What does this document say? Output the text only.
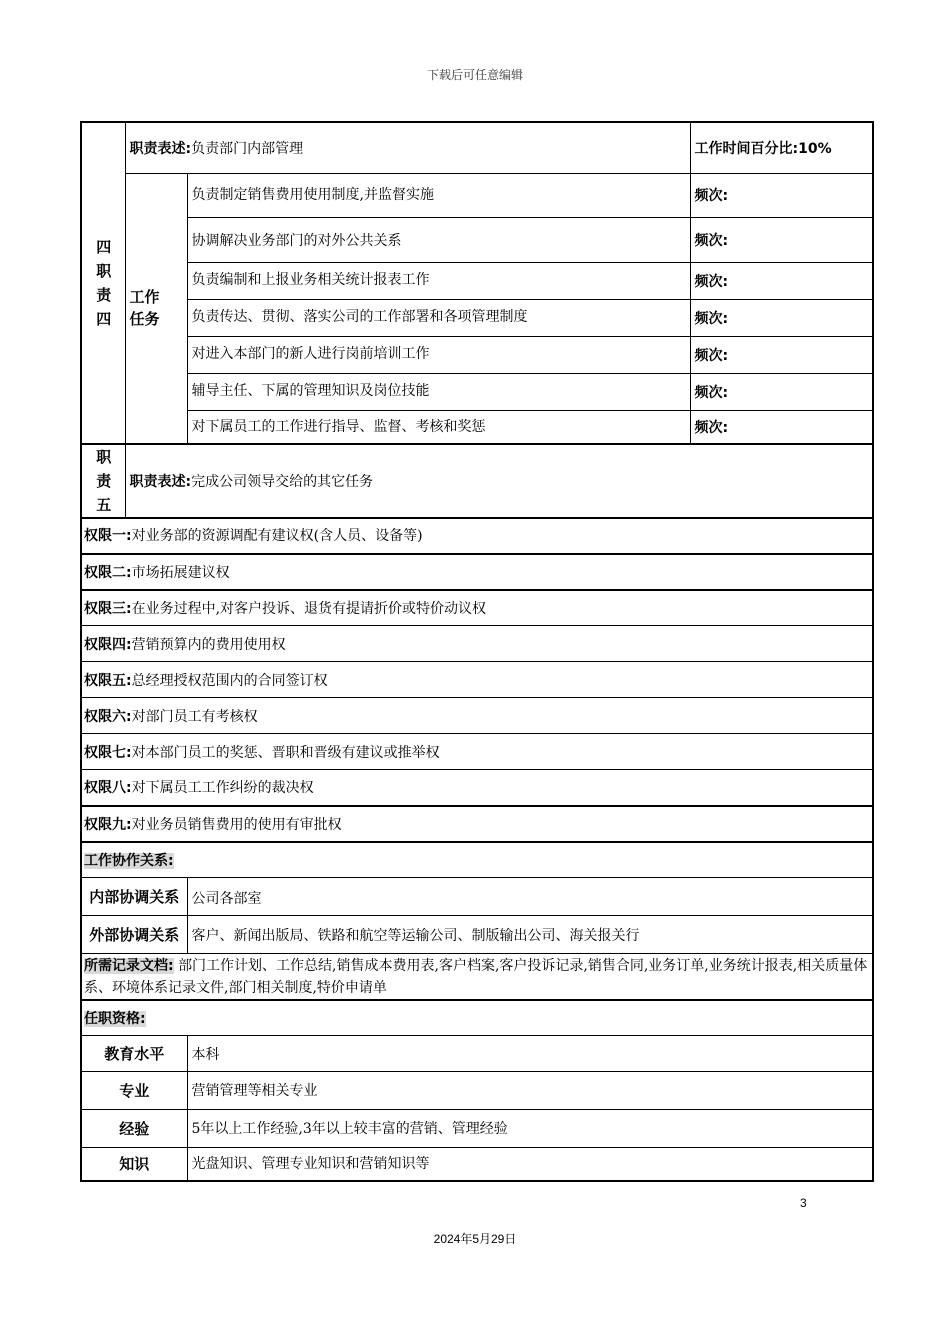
下载后可任意编辑
四职责四	职责表述:负责部门内部管理		工作时间百分比:10%

	工作任务	负责制定销售费用使用制度,并监督实施	频次:
		协调解决业务部门的对外公共关系	频次:
		负责编制和上报业务相关统计报表工作	频次:
		负责传达、贯彻、落实公司的工作部署和各项管理制度	频次:
		对进入本部门的新人进行岗前培训工作	频次:
		辅导主任、下属的管理知识及岗位技能	频次:
		对下属员工的工作进行指导、监督、考核和奖惩	频次:

职责五	职责表述:完成公司领导交给的其它任务		
权限一:对业务部的资源调配有建议权(含人员、设备等)	
权限二:市场拓展建议权	
权限三:在业务过程中,对客户投诉、退货有提请折价或特价动议权	
权限四:营销预算内的费用使用权	
权限五:总经理授权范围内的合同签订权	
权限六:对部门员工有考核权	
权限七:对本部门员工的奖惩、晋职和晋级有建议或推举权	
权限八:对下属员工工作纠纷的裁决权	
权限九:对业务员销售费用的使用有审批权	
工作协作关系:	
内部协调关系	公司各部室
外部协调关系	客户、新闻出版局、铁路和航空等运输公司、制版输出公司、海关报关行
所需记录文档: 部门工作计划、工作总结,销售成本费用表,客户档案,客户投诉记录,销售合同,业务订单,业务统计报表,相关质量体系、环境体系记录文件,部门相关制度,特价申请单	
任职资格:	
教育水平	本科
专业	营销管理等相关专业
经验	5年以上工作经验,3年以上较丰富的营销、管理经验
知识	光盘知识、管理专业知识和营销知识等
3
2024年5月29日
